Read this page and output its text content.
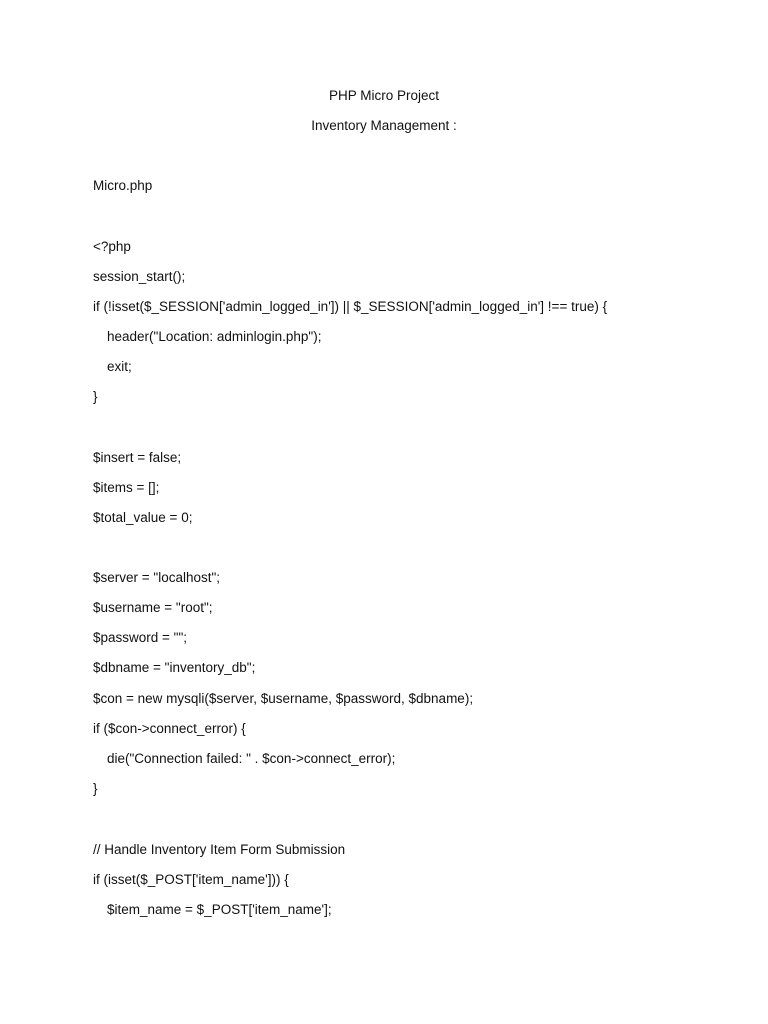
PHP Micro Project
Inventory Management :
Micro.php
<?php
session_start();
if (!isset($_SESSION['admin_logged_in']) || $_SESSION['admin_logged_in'] !== true) {
header("Location: adminlogin.php");
exit;
}
$insert = false;
$items = [];
$total_value = 0;
$server = "localhost";
$username = "root";
$password = "";
$dbname = "inventory_db";
$con = new mysqli($server, $username, $password, $dbname);
if ($con->connect_error) {
die("Connection failed: " . $con->connect_error);
}
// Handle Inventory Item Form Submission
if (isset($_POST['item_name'])) {
$item_name = $_POST['item_name'];
